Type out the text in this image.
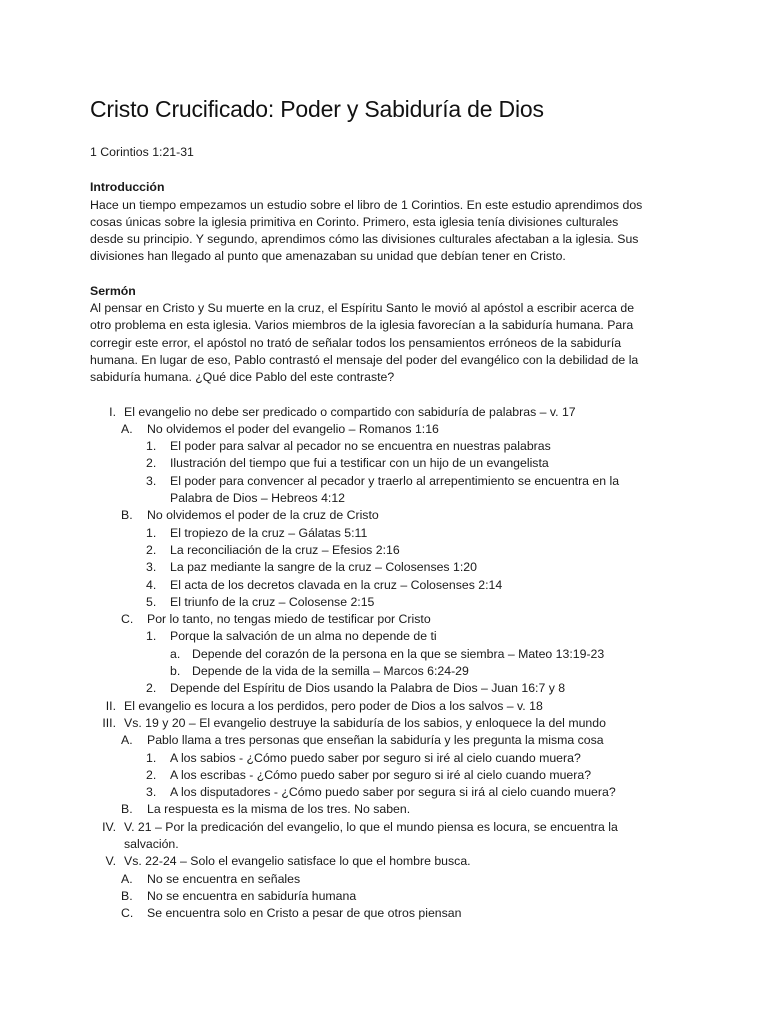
Cristo Crucificado: Poder y Sabiduría de Dios

1 Corintios 1:21-31

Introducción

Hace un tiempo empezamos un estudio sobre el libro de 1 Corintios. En este estudio aprendimos dos cosas únicas sobre la iglesia primitiva en Corinto. Primero, esta iglesia tenía divisiones culturales desde su principio. Y segundo, aprendimos cómo las divisiones culturales afectaban a la iglesia. Sus divisiones han llegado al punto que amenazaban su unidad que debían tener en Cristo.

Sermón

Al pensar en Cristo y Su muerte en la cruz, el Espíritu Santo le movió al apóstol a escribir acerca de otro problema en esta iglesia. Varios miembros de la iglesia favorecían a la sabiduría humana. Para corregir este error, el apóstol no trató de señalar todos los pensamientos erróneos de la sabiduría humana. En lugar de eso, Pablo contrastó el mensaje del poder del evangélico con la debilidad de la sabiduría humana. ¿Qué dice Pablo del este contraste?

I. El evangelio no debe ser predicado o compartido con sabiduría de palabras – v. 17
A. No olvidemos el poder del evangelio – Romanos 1:16
1.	El poder para salvar al pecador no se encuentra en nuestras palabras
2.	Ilustración del tiempo que fui a testificar con un hijo de un evangelista
3.	El poder para convencer al pecador y traerlo al arrepentimiento se encuentra en la Palabra de Dios – Hebreos 4:12
B. No olvidemos el poder de la cruz de Cristo
1.	El tropiezo de la cruz – Gálatas 5:11
2.	La reconciliación de la cruz – Efesios 2:16
3.	La paz mediante la sangre de la cruz – Colosenses 1:20
4.	El acta de los decretos clavada en la cruz – Colosenses 2:14
5.	El triunfo de la cruz – Colosense 2:15
C. Por lo tanto, no tengas miedo de testificar por Cristo
1.	Porque la salvación de un alma no depende de ti
a. Depende del corazón de la persona en la que se siembra – Mateo 13:19-23
b. Depende de la vida de la semilla – Marcos 6:24-29
2.	Depende del Espíritu de Dios usando la Palabra de Dios – Juan 16:7 y 8
II. El evangelio es locura a los perdidos, pero poder de Dios a los salvos – v. 18
III. Vs. 19 y 20 – El evangelio destruye la sabiduría de los sabios, y enloquece la del mundo
A. Pablo llama a tres personas que enseñan la sabiduría y les pregunta la misma cosa
1.	A los sabios - ¿Cómo puedo saber por seguro si iré al cielo cuando muera?
2.	A los escribas - ¿Cómo puedo saber por seguro si iré al cielo cuando muera?
3.	A los disputadores - ¿Cómo puedo saber por segura si irá al cielo cuando muera?
B. La respuesta es la misma de los tres. No saben.
IV. V. 21 – Por la predicación del evangelio, lo que el mundo piensa es locura, se encuentra la salvación.
V. Vs. 22-24 – Solo el evangelio satisface lo que el hombre busca.
A. No se encuentra en señales
B. No se encuentra en sabiduría humana
C. Se encuentra solo en Cristo a pesar de que otros piensan
